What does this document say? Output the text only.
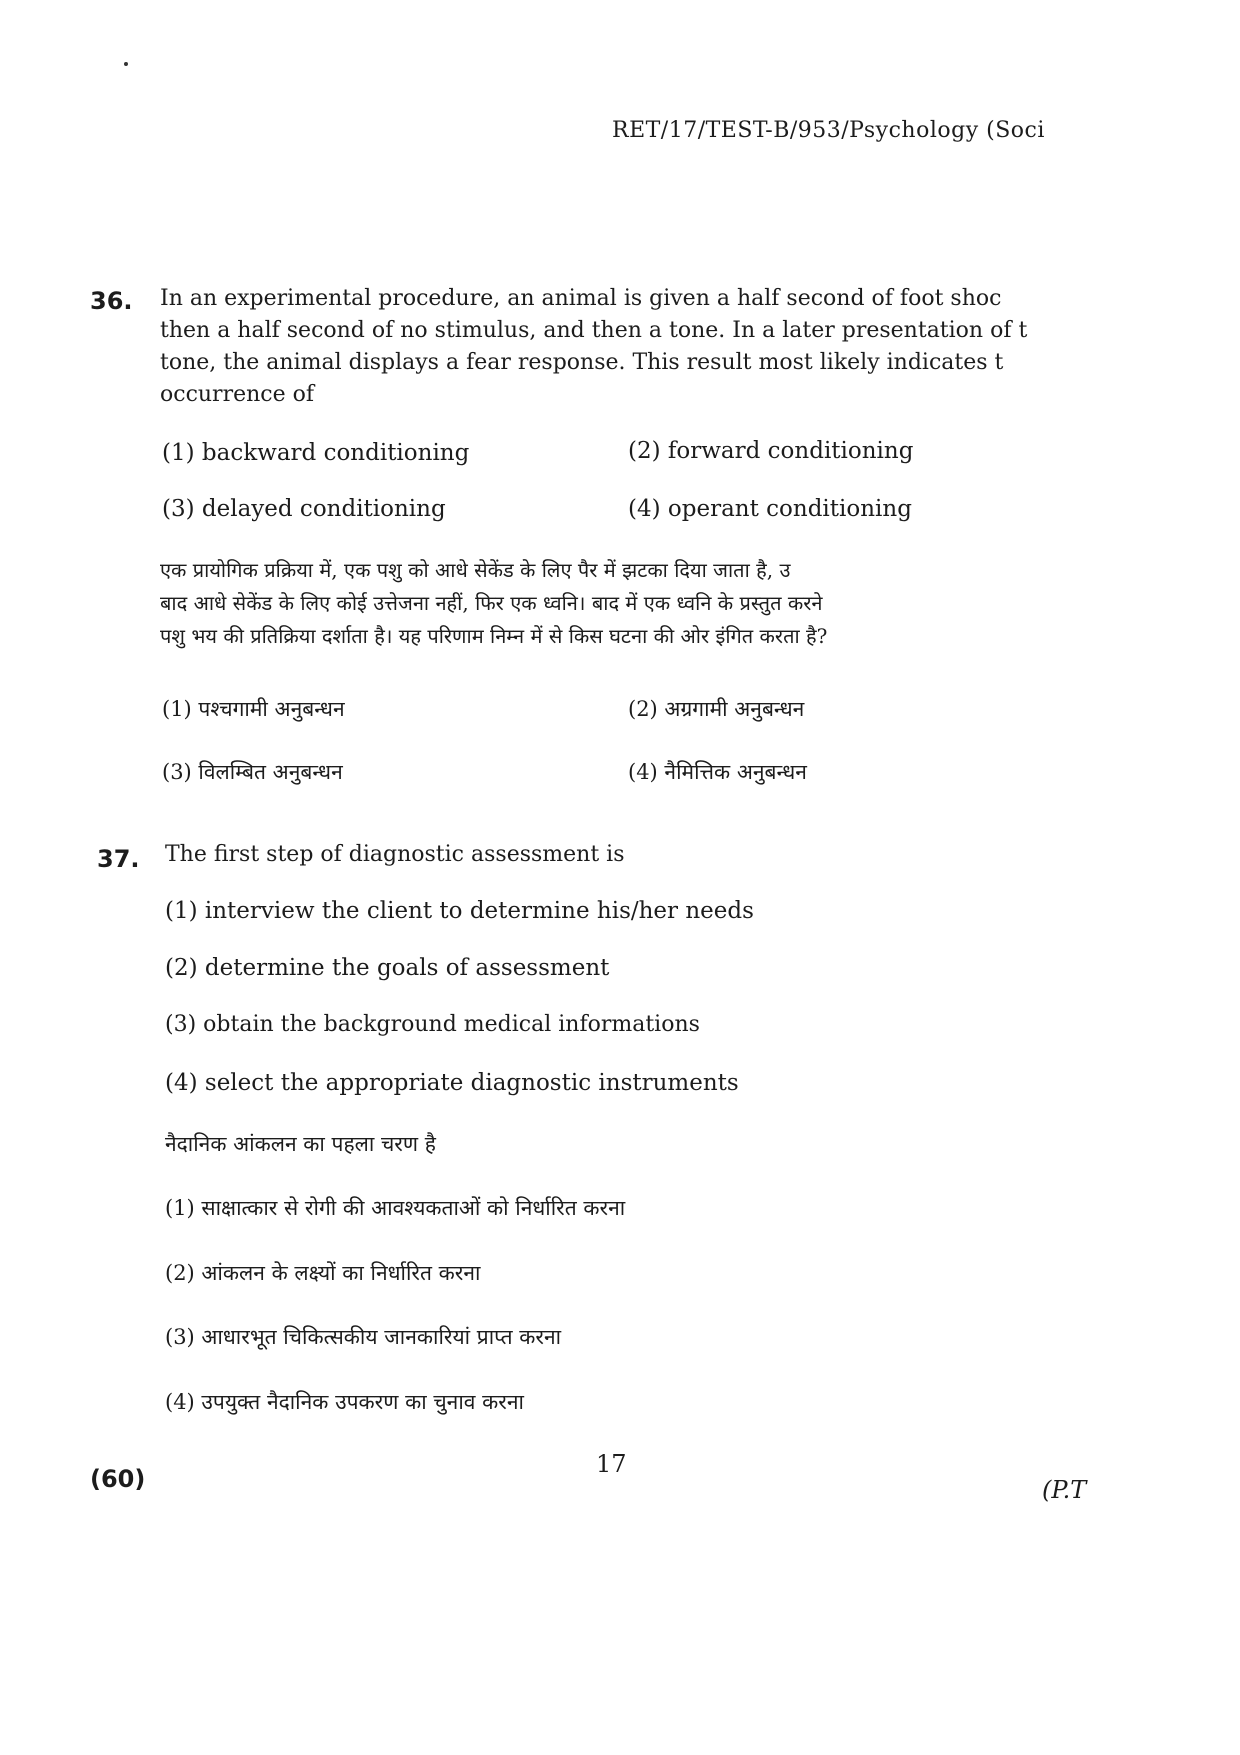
RET/17/TEST-B/953/Psychology (Soci
36. In an experimental procedure, an animal is given a half second of foot shoc
then a half second of no stimulus, and then a tone. In a later presentation of t
tone, the animal displays a fear response. This result most likely indicates t
occurrence of
(1) backward conditioning	(2) forward conditioning
(3) delayed conditioning	(4) operant conditioning
एक प्रायोगिक प्रक्रिया में, एक पशु को आधे सेकेंड के लिए पैर में झटका दिया जाता है, उ
बाद आधे सेकेंड के लिए कोई उत्तेजना नहीं, फिर एक ध्वनि। बाद में एक ध्वनि के प्रस्तुत करने
पशु भय की प्रतिक्रिया दर्शाता है। यह परिणाम निम्न में से किस घटना की ओर इंगित करता है?
(1) पश्चगामी अनुबन्धन	(2) अग्रगामी अनुबन्धन
(3) विलम्बित अनुबन्धन	(4) नैमित्तिक अनुबन्धन
37. The first step of diagnostic assessment is
(1) interview the client to determine his/her needs
(2) determine the goals of assessment
(3) obtain the background medical informations
(4) select the appropriate diagnostic instruments
नैदानिक आंकलन का पहला चरण है
(1) साक्षात्कार से रोगी की आवश्यकताओं को निर्धारित करना
(2) आंकलन के लक्ष्यों का निर्धारित करना
(3) आधारभूत चिकित्सकीय जानकारियां प्राप्त करना
(4) उपयुक्त नैदानिक उपकरण का चुनाव करना
(60)
17
(P.T
